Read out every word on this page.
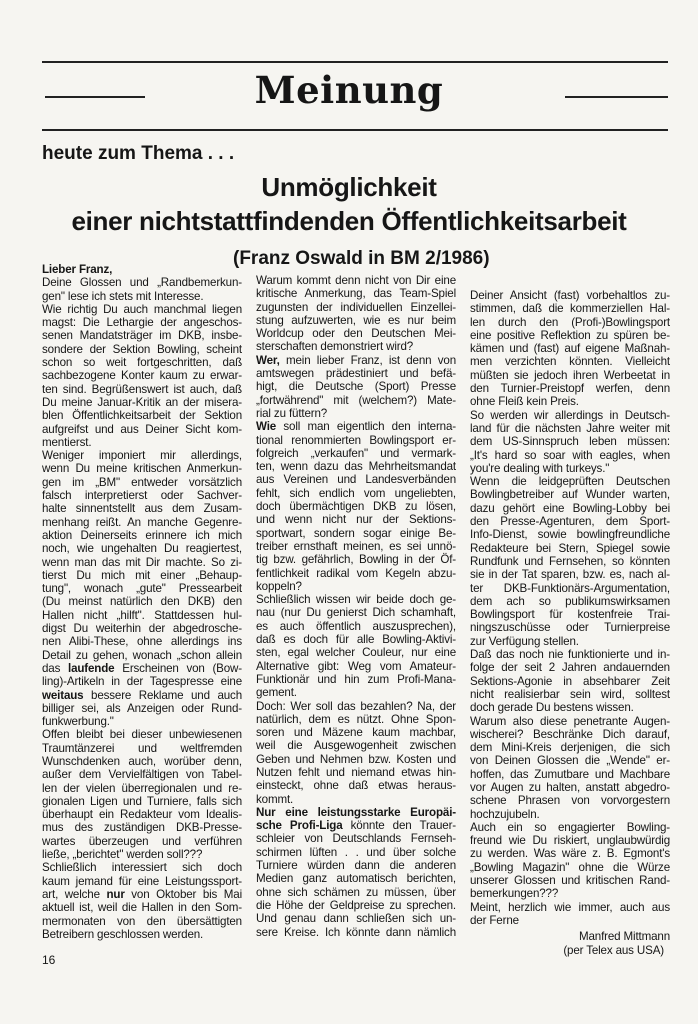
Meinung
heute zum Thema . . .
Unmöglichkeit
einer nichtstattfindenden Öffentlichkeitsarbeit
(Franz Oswald in BM 2/1986)
Lieber Franz,
Deine Glossen und „Randbemerkun-
gen" lese ich stets mit Interesse.
Wie richtig Du auch manchmal liegen
magst: Die Lethargie der angeschos-
senen Mandatsträger im DKB, insbe-
sondere der Sektion Bowling, scheint
schon so weit fortgeschritten, daß
sachbezogene Konter kaum zu erwar-
ten sind. Begrüßenswert ist auch, daß
Du meine Januar-Kritik an der misera-
blen Öffentlichkeitsarbeit der Sektion
aufgreifst und aus Deiner Sicht kom-
mentierst.
Weniger imponiert mir allerdings,
wenn Du meine kritischen Anmerkun-
gen im „BM" entweder vorsätzlich
falsch interpretierst oder Sachver-
halte sinnentstellt aus dem Zusam-
menhang reißt. An manche Gegenre-
aktion Deinerseits erinnere ich mich
noch, wie ungehalten Du reagiertest,
wenn man das mit Dir machte. So zi-
tierst Du mich mit einer „Behaup-
tung", wonach „gute" Pressearbeit
(Du meinst natürlich den DKB) den
Hallen nicht „hilft". Stattdessen hul-
digst Du weiterhin der abgedrosche-
nen Alibi-These, ohne allerdings ins
Detail zu gehen, wonach „schon allein
das laufende Erscheinen von (Bow-
ling)-Artikeln in der Tagespresse eine
weitaus bessere Reklame und auch
billiger sei, als Anzeigen oder Rund-
funkwerbung."
Offen bleibt bei dieser unbewiesenen
Traumtänzerei und weltfremden
Wunschdenken auch, worüber denn,
außer dem Vervielfältigen von Tabel-
len der vielen überregionalen und re-
gionalen Ligen und Turniere, falls sich
überhaupt ein Redakteur vom Idealis-
mus des zuständigen DKB-Presse-
wartes überzeugen und verführen
ließe, „berichtet" werden soll???
Schließlich interessiert sich doch
kaum jemand für eine Leistungssport-
art, welche nur von Oktober bis Mai
aktuell ist, weil die Hallen in den Som-
mermonaten von den übersättigten
Betreibern geschlossen werden.
Warum kommt denn nicht von Dir eine
kritische Anmerkung, das Team-Spiel
zugunsten der individuellen Einzellei-
stung aufzuwerten, wie es nur beim
Worldcup oder den Deutschen Mei-
sterschaften demonstriert wird?
Wer, mein lieber Franz, ist denn von
amtswegen prädestiniert und befä-
higt, die Deutsche (Sport) Presse
„fortwährend" mit (welchem?) Mate-
rial zu füttern?
Wie soll man eigentlich den interna-
tional renommierten Bowlingsport er-
folgreich „verkaufen" und vermark-
ten, wenn dazu das Mehrheitsmandat
aus Vereinen und Landesverbänden
fehlt, sich endlich vom ungeliebten,
doch übermächtigen DKB zu lösen,
und wenn nicht nur der Sektions-
sportwart, sondern sogar einige Be-
treiber ernsthaft meinen, es sei unnö-
tig bzw. gefährlich, Bowling in der Öf-
fentlichkeit radikal vom Kegeln abzu-
koppeln?
Schließlich wissen wir beide doch ge-
nau (nur Du genierst Dich schamhaft,
es auch öffentlich auszusprechen),
daß es doch für alle Bowling-Aktivi-
sten, egal welcher Couleur, nur eine
Alternative gibt: Weg vom Amateur-
Funktionär und hin zum Profi-Mana-
gement.
Doch: Wer soll das bezahlen? Na, der
natürlich, dem es nützt. Ohne Spon-
soren und Mäzene kaum machbar,
weil die Ausgewogenheit zwischen
Geben und Nehmen bzw. Kosten und
Nutzen fehlt und niemand etwas hin-
einsteckt, ohne daß etwas heraus-
kommt.
Nur eine leistungsstarke Europäi-
sche Profi-Liga könnte den Trauer-
schleier von Deutschlands Fernseh-
schirmen lüften . . und über solche
Turniere würden dann die anderen
Medien ganz automatisch berichten,
ohne sich schämen zu müssen, über
die Höhe der Geldpreise zu sprechen.
Und genau dann schließen sich un-
sere Kreise. Ich könnte dann nämlich
Deiner Ansicht (fast) vorbehaltlos zu-
stimmen, daß die kommerziellen Hal-
len durch den (Profi-)Bowlingsport
eine positive Reflektion zu spüren be-
kämen und (fast) auf eigene Maßnah-
men verzichten könnten. Vielleicht
müßten sie jedoch ihren Werbeetat in
den Turnier-Preistopf werfen, denn
ohne Fleiß kein Preis.
So werden wir allerdings in Deutsch-
land für die nächsten Jahre weiter mit
dem US-Sinnspruch leben müssen:
„It's hard so soar with eagles, when
you're dealing with turkeys."
Wenn die leidgeprüften Deutschen
Bowlingbetreiber auf Wunder warten,
dazu gehört eine Bowling-Lobby bei
den Presse-Agenturen, dem Sport-
Info-Dienst, sowie bowlingfreundliche
Redakteure bei Stern, Spiegel sowie
Rundfunk und Fernsehen, so könnten
sie in der Tat sparen, bzw. es, nach al-
ter DKB-Funktionärs-Argumentation,
dem ach so publikumswirksamen
Bowlingsport für kostenfreie Trai-
ningszuschüsse oder Turnierpreise
zur Verfügung stellen.
Daß das noch nie funktionierte und in-
folge der seit 2 Jahren andauernden
Sektions-Agonie in absehbarer Zeit
nicht realisierbar sein wird, solltest
doch gerade Du bestens wissen.
Warum also diese penetrante Augen-
wischerei? Beschränke Dich darauf,
dem Mini-Kreis derjenigen, die sich
von Deinen Glossen die „Wende" er-
hoffen, das Zumutbare und Machbare
vor Augen zu halten, anstatt abgedro-
schene Phrasen von vorvorgestern
hochzujubeln.
Auch ein so engagierter Bowling-
freund wie Du riskiert, unglaubwürdig
zu werden. Was wäre z. B. Egmont's
„Bowling Magazin" ohne die Würze
unserer Glossen und kritischen Rand-
bemerkungen???
Meint, herzlich wie immer, auch aus
der Ferne
Manfred Mittmann
(per Telex aus USA)
16
